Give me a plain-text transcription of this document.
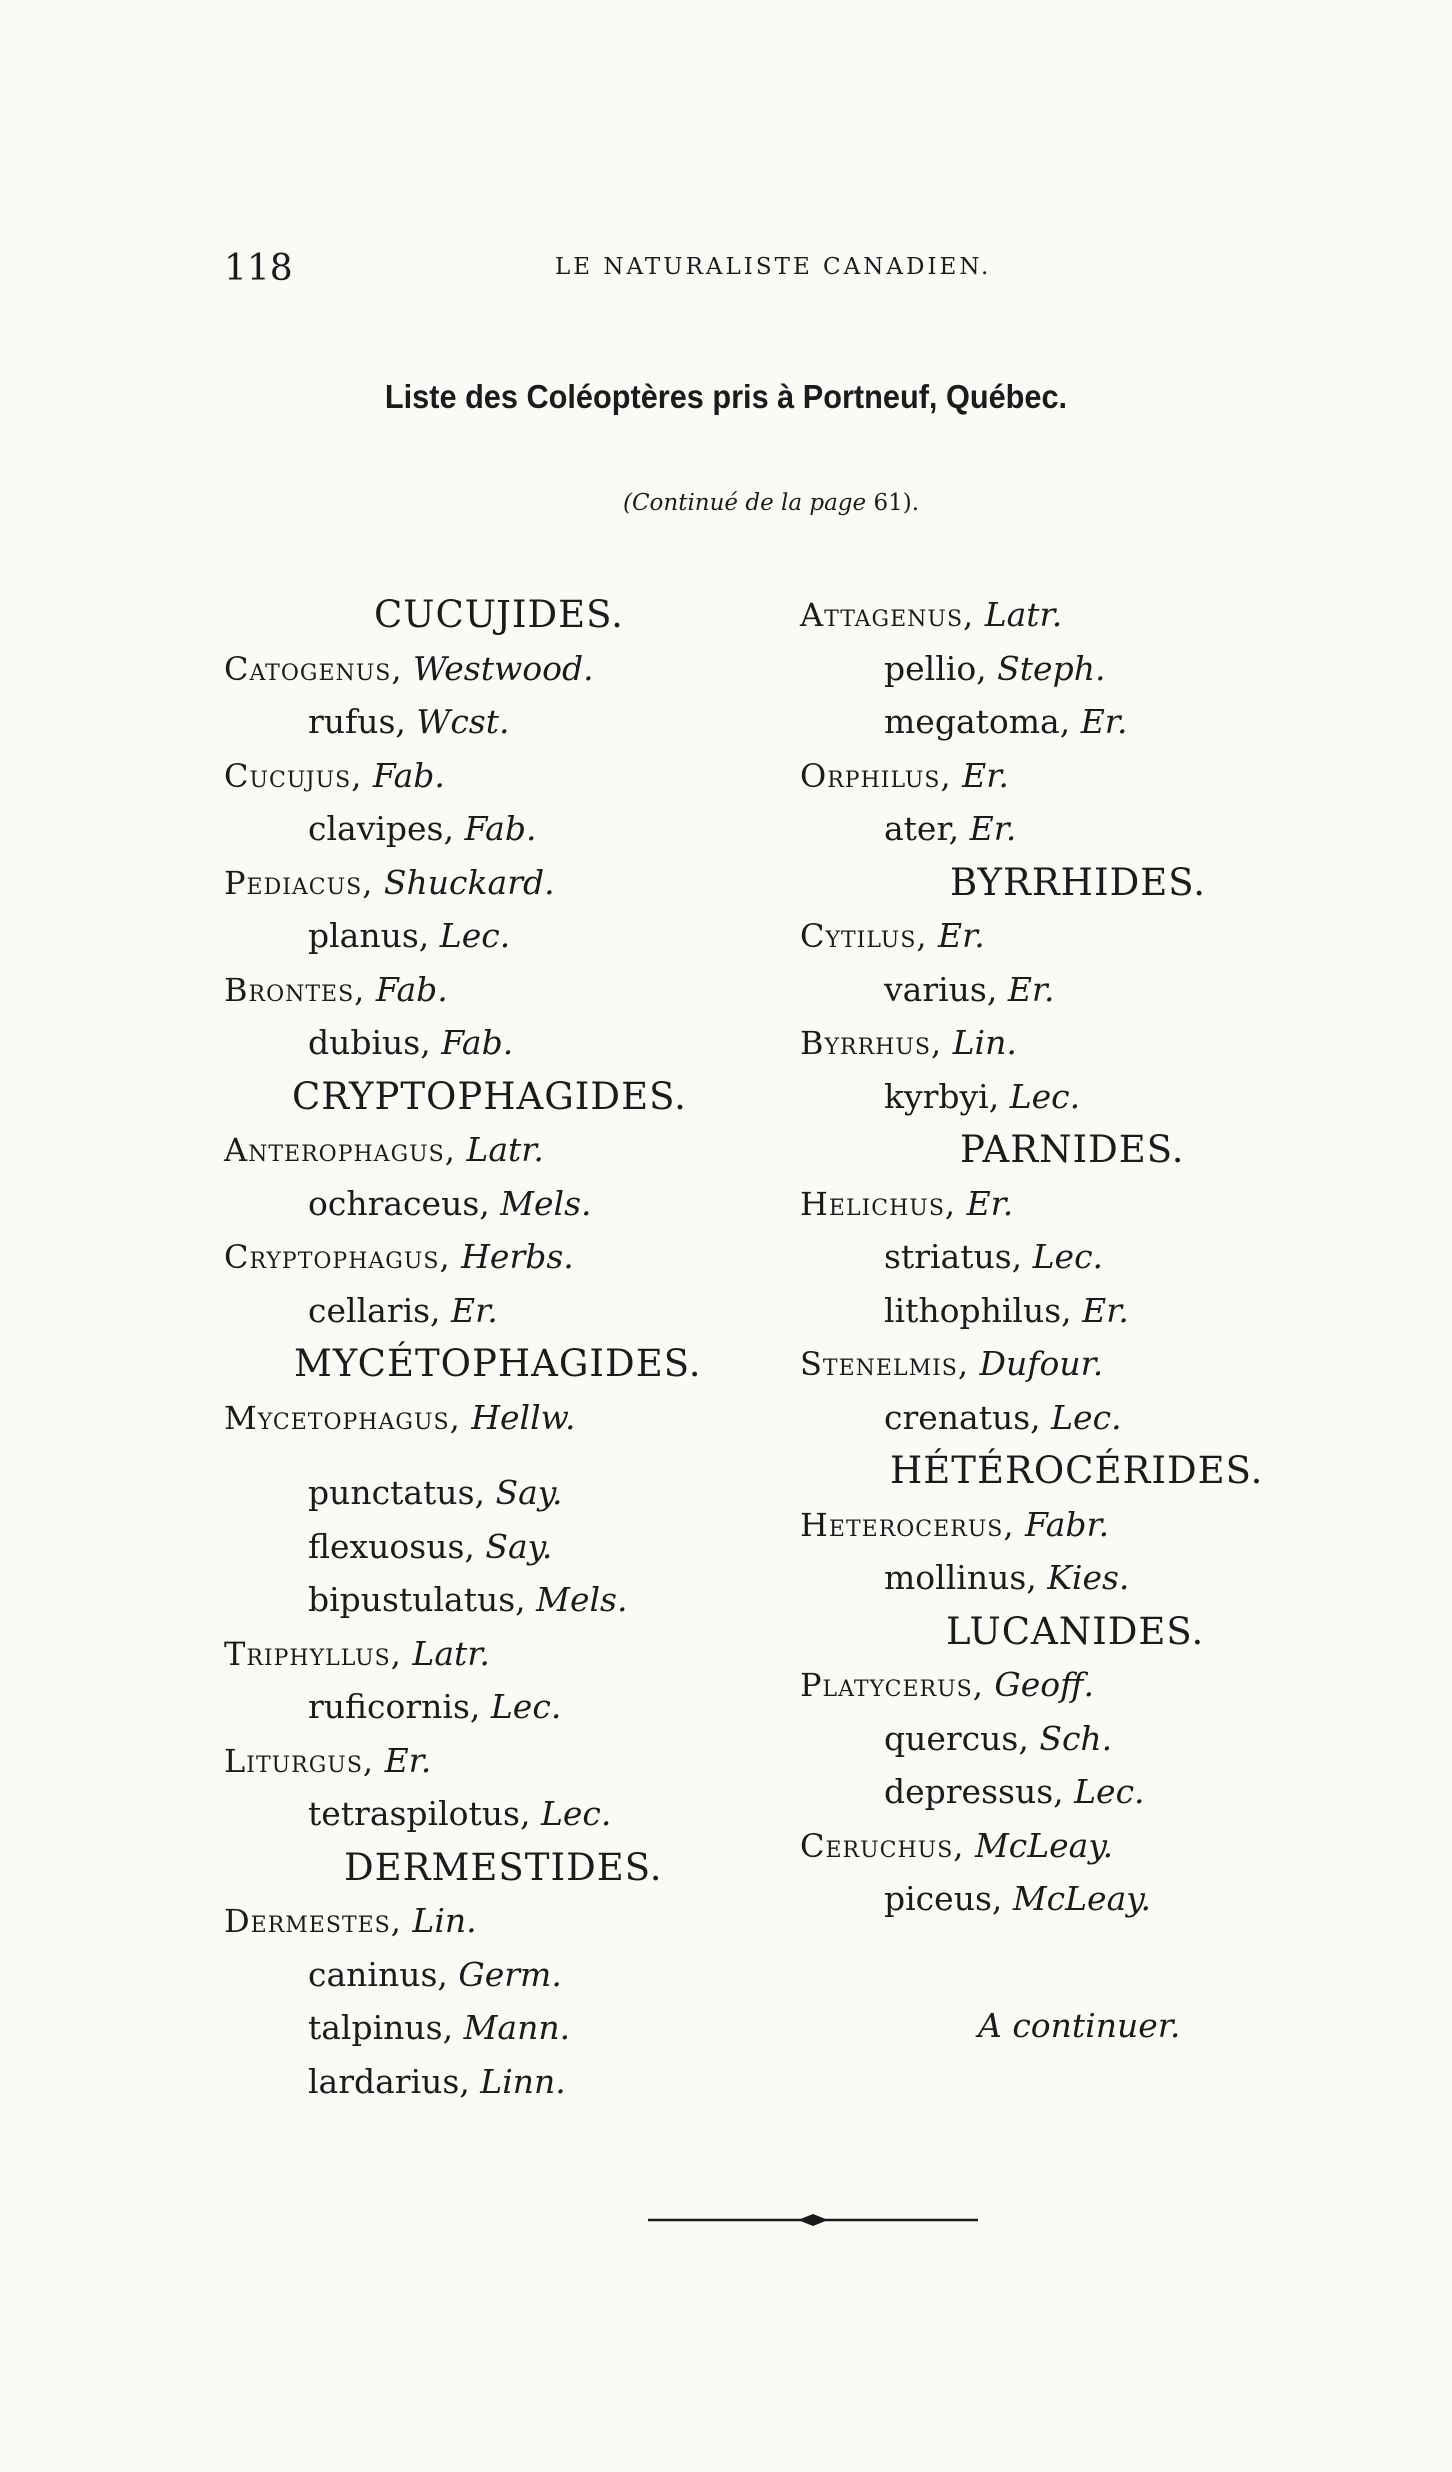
118	LE NATURALISTE CANADIEN.
Liste des Coléoptères pris à Portneuf, Québec.
(Continué de la page 61).
CUCUJIDES.
Catogenus, Westwood.
rufus, Wcst.
Cucujus, Fab.
clavipes, Fab.
Pediacus, Shuckard.
planus, Lec.
Brontes, Fab.
dubius, Fab.
CRYPTOPHAGIDES.
Anterophagus, Latr.
ochraceus, Mels.
Cryptophagus, Herbs.
cellaris, Er.
MYCÉTOPHAGIDES.
Mycetophagus, Hellw.
punctatus, Say.
flexuosus, Say.
bipustulatus, Mels.
Triphyllus, Latr.
ruficornis, Lec.
Liturgus, Er.
tetraspilotus, Lec.
DERMESTIDES.
Dermestes, Lin.
caninus, Germ.
talpinus, Mann.
lardarius, Linn.
Attagenus, Latr.
pellio, Steph.
megatoma, Er.
Orphilus, Er.
ater, Er.
BYRRHIDES.
Cytilus, Er.
varius, Er.
Byrrhus, Lin.
kyrbyi, Lec.
PARNIDES.
Helichus, Er.
striatus, Lec.
lithophilus, Er.
Stenelmis, Dufour.
crenatus, Lec.
HÉTÉROCÉRIDES.
Heterocerus, Fabr.
mollinus, Kies.
LUCANIDES.
Platycerus, Geoff.
quercus, Sch.
depressus, Lec.
Ceruchus, McLeay.
piceus, McLeay.
A continuer.
